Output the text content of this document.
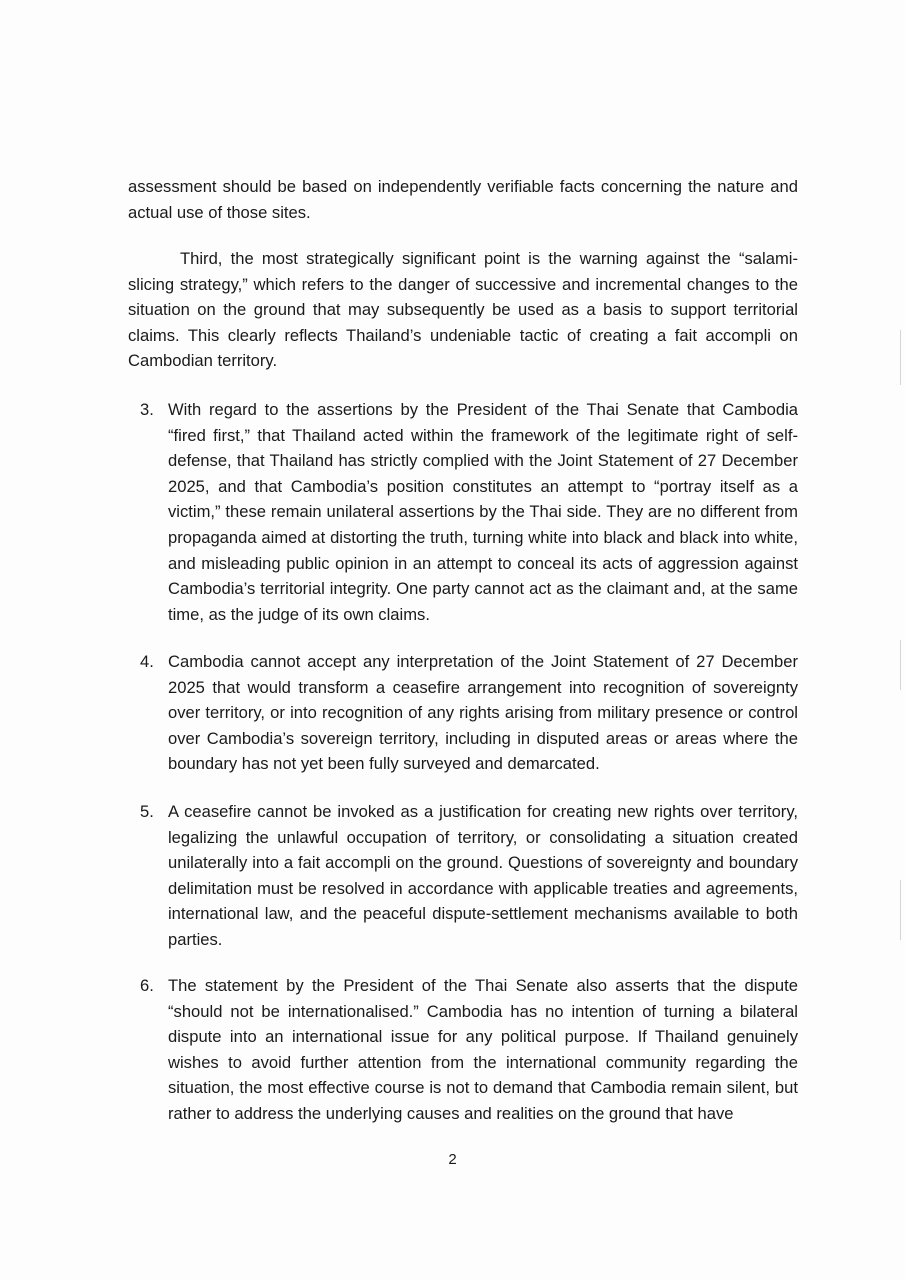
assessment should be based on independently verifiable facts concerning the nature and actual use of those sites.

Third, the most strategically significant point is the warning against the “salami-slicing strategy,” which refers to the danger of successive and incremental changes to the situation on the ground that may subsequently be used as a basis to support territorial claims. This clearly reflects Thailand’s undeniable tactic of creating a fait accompli on Cambodian territory.

3. With regard to the assertions by the President of the Thai Senate that Cambodia “fired first,” that Thailand acted within the framework of the legitimate right of self-defense, that Thailand has strictly complied with the Joint Statement of 27 December 2025, and that Cambodia’s position constitutes an attempt to “portray itself as a victim,” these remain unilateral assertions by the Thai side. They are no different from propaganda aimed at distorting the truth, turning white into black and black into white, and misleading public opinion in an attempt to conceal its acts of aggression against Cambodia’s territorial integrity. One party cannot act as the claimant and, at the same time, as the judge of its own claims.

4. Cambodia cannot accept any interpretation of the Joint Statement of 27 December 2025 that would transform a ceasefire arrangement into recognition of sovereignty over territory, or into recognition of any rights arising from military presence or control over Cambodia’s sovereign territory, including in disputed areas or areas where the boundary has not yet been fully surveyed and demarcated.

5. A ceasefire cannot be invoked as a justification for creating new rights over territory, legalizing the unlawful occupation of territory, or consolidating a situation created unilaterally into a fait accompli on the ground. Questions of sovereignty and boundary delimitation must be resolved in accordance with applicable treaties and agreements, international law, and the peaceful dispute-settlement mechanisms available to both parties.

6. The statement by the President of the Thai Senate also asserts that the dispute “should not be internationalised.” Cambodia has no intention of turning a bilateral dispute into an international issue for any political purpose. If Thailand genuinely wishes to avoid further attention from the international community regarding the situation, the most effective course is not to demand that Cambodia remain silent, but rather to address the underlying causes and realities on the ground that have

2
